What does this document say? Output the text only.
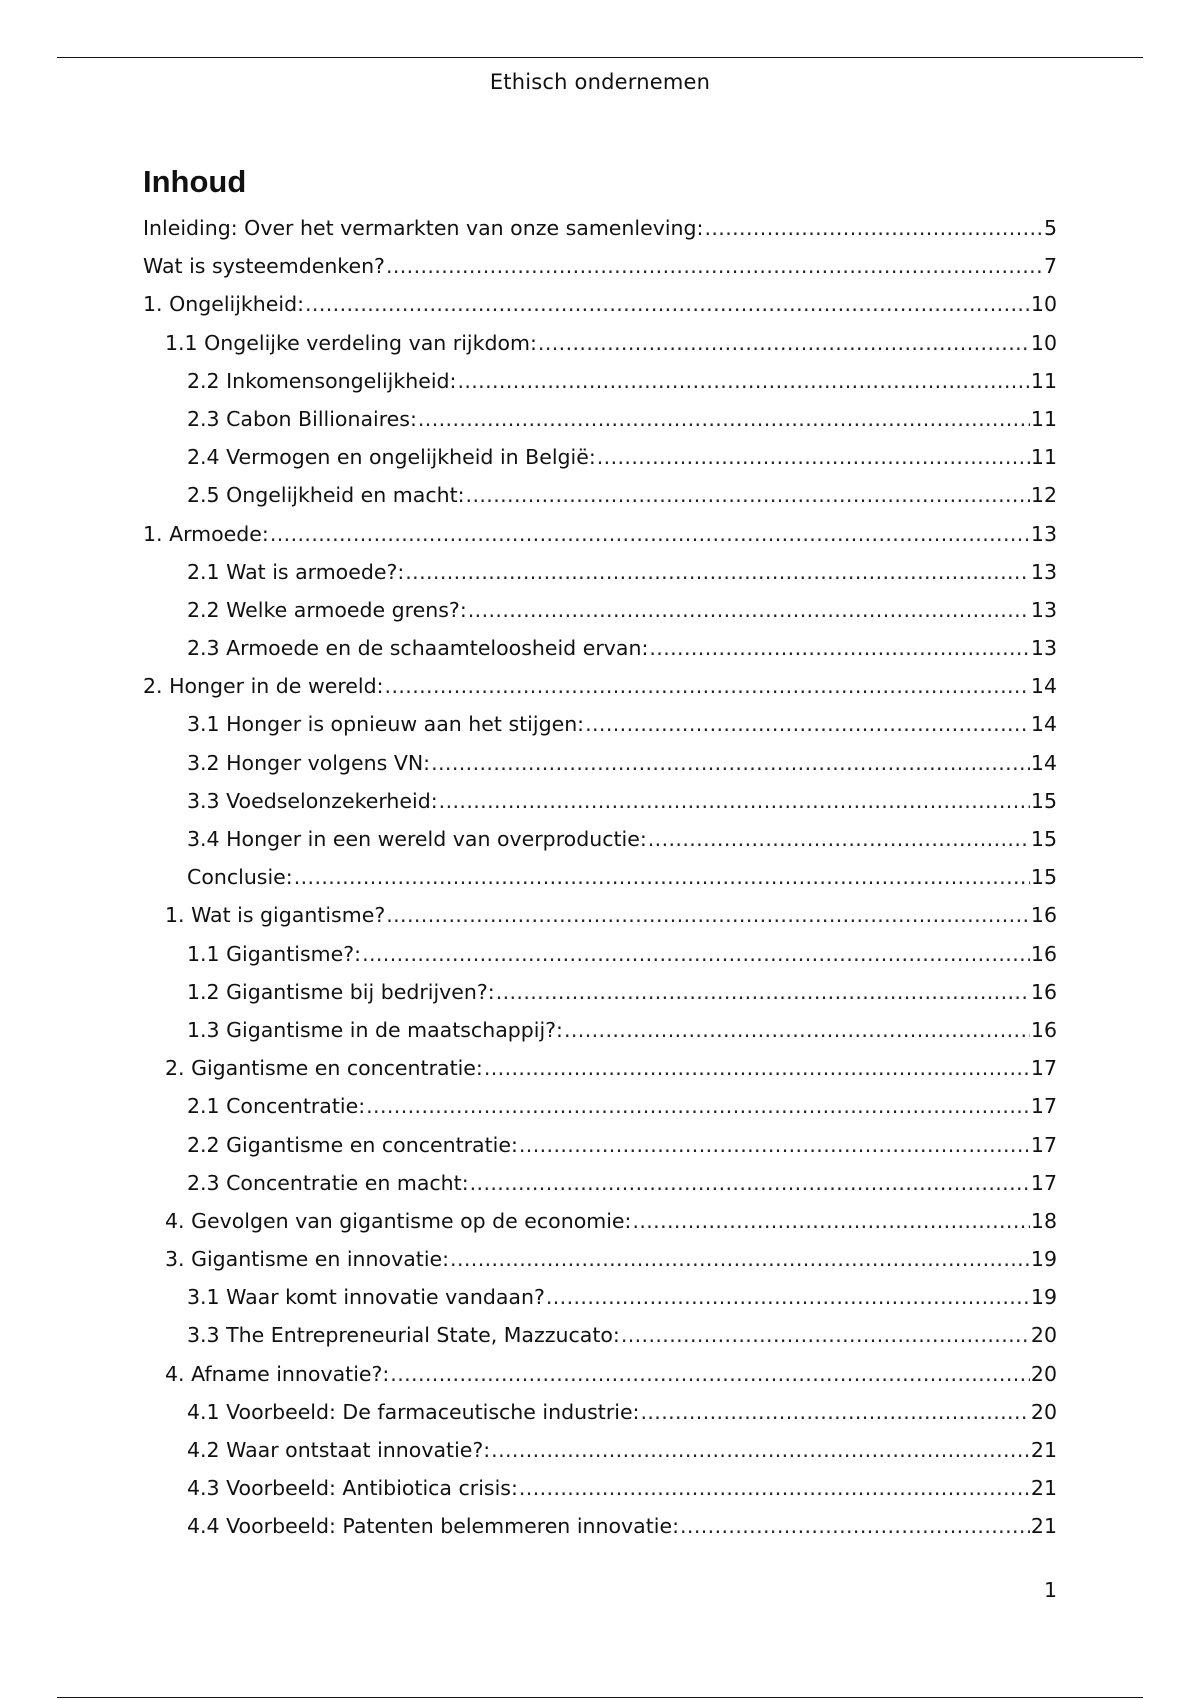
Ethisch ondernemen
Inhoud
Inleiding: Over het vermarkten van onze samenleving: .....	5
Wat is systeemdenken? .....	7
1. Ongelijkheid: .....	10
1.1 Ongelijke verdeling van rijkdom: .....	10
2.2 Inkomensongelijkheid: .....	11
2.3 Cabon Billionaires: .....	11
2.4 Vermogen en ongelijkheid in België: .....	11
2.5 Ongelijkheid en macht: .....	12
1. Armoede: .....	13
2.1 Wat is armoede?: .....	13
2.2 Welke armoede grens?: .....	13
2.3 Armoede en de schaamteloosheid ervan: .....	13
2. Honger in de wereld: .....	14
3.1 Honger is opnieuw aan het stijgen: .....	14
3.2 Honger volgens VN: .....	14
3.3 Voedselonzekerheid: .....	15
3.4 Honger in een wereld van overproductie: .....	15
Conclusie: .....	15
1. Wat is gigantisme? .....	16
1.1 Gigantisme?: .....	16
1.2 Gigantisme bij bedrijven?: .....	16
1.3 Gigantisme in de maatschappij?: .....	16
2. Gigantisme en concentratie: .....	17
2.1 Concentratie: .....	17
2.2 Gigantisme en concentratie: .....	17
2.3 Concentratie en macht: .....	17
4. Gevolgen van gigantisme op de economie: .....	18
3. Gigantisme en innovatie: .....	19
3.1 Waar komt innovatie vandaan? .....	19
3.3 The Entrepreneurial State, Mazzucato: .....	20
4. Afname innovatie?: .....	20
4.1 Voorbeeld: De farmaceutische industrie: .....	20
4.2 Waar ontstaat innovatie?: .....	21
4.3 Voorbeeld: Antibiotica crisis: .....	21
4.4 Voorbeeld: Patenten belemmeren innovatie: .....	21
1
